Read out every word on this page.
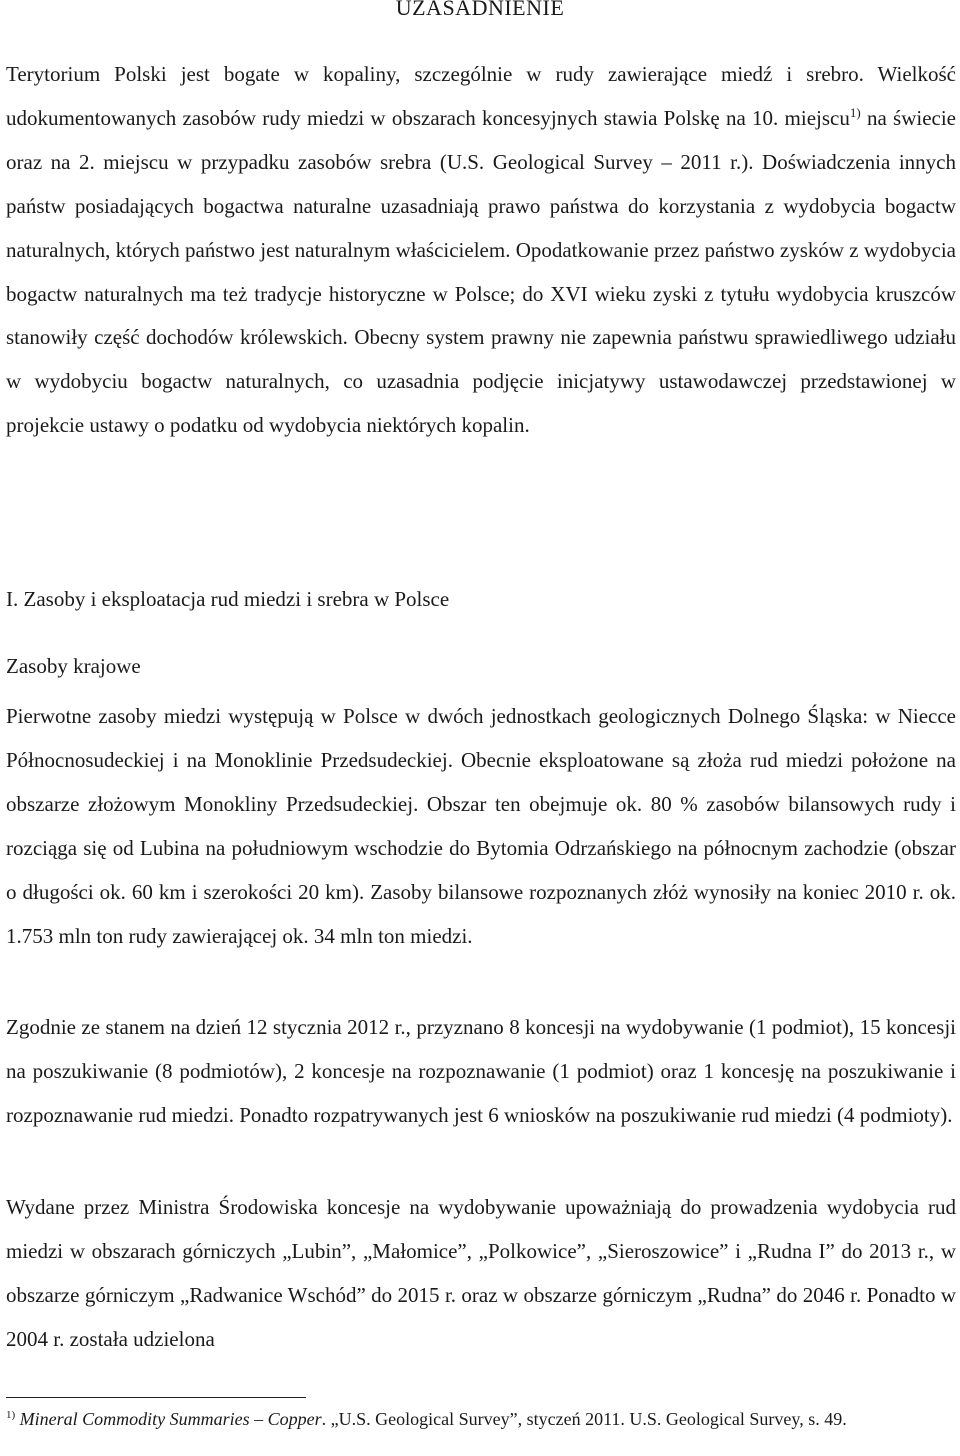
UZASADNIENIE

Terytorium Polski jest bogate w kopaliny, szczególnie w rudy zawierające miedź i srebro. Wielkość udokumentowanych zasobów rudy miedzi w obszarach koncesyjnych stawia Polskę na 10. miejscu$^{1)}$ na świecie oraz na 2. miejscu w przypadku zasobów srebra (U.S. Geological Survey – 2011 r.). Doświadczenia innych państw posiadających bogactwa naturalne uzasadniają prawo państwa do korzystania z wydobycia bogactw naturalnych, których państwo jest naturalnym właścicielem. Opodatkowanie przez państwo zysków z wydobycia bogactw naturalnych ma też tradycje historyczne w Polsce; do XVI wieku zyski z tytułu wydobycia kruszców stanowiły część dochodów królewskich. Obecny system prawny nie zapewnia państwu sprawiedliwego udziału w wydobyciu bogactw naturalnych, co uzasadnia podjęcie inicjatywy ustawodawczej przedstawionej w projekcie ustawy o podatku od wydobycia niektórych kopalin.

I. Zasoby i eksploatacja rud miedzi i srebra w Polsce

Zasoby krajowe

Pierwotne zasoby miedzi występują w Polsce w dwóch jednostkach geologicznych Dolnego Śląska: w Niecce Północnosudeckiej i na Monoklinie Przedsudeckiej. Obecnie eksploatowane są złoża rud miedzi położone na obszarze złożowym Monokliny Przedsudeckiej. Obszar ten obejmuje ok. 80 % zasobów bilansowych rudy i rozciąga się od Lubina na południowym wschodzie do Bytomia Odrzańskiego na północnym zachodzie (obszar o długości ok. 60 km i szerokości 20 km). Zasoby bilansowe rozpoznanych złóż wynosiły na koniec 2010 r. ok. 1.753 mln ton rudy zawierającej ok. 34 mln ton miedzi.

Zgodnie ze stanem na dzień 12 stycznia 2012 r., przyznano 8 koncesji na wydobywanie (1 podmiot), 15 koncesji na poszukiwanie (8 podmiotów), 2 koncesje na rozpoznawanie (1 podmiot) oraz 1 koncesję na poszukiwanie i rozpoznawanie rud miedzi. Ponadto rozpatrywanych jest 6 wniosków na poszukiwanie rud miedzi (4 podmioty).

Wydane przez Ministra Środowiska koncesje na wydobywanie upoważniają do prowadzenia wydobycia rud miedzi w obszarach górniczych „Lubin”, „Małomice”, „Polkowice”, „Sieroszowice” i „Rudna I” do 2013 r., w obszarze górniczym „Radwanice Wschód” do 2015 r. oraz w obszarze górniczym „Rudna” do 2046 r. Ponadto w 2004 r. została udzielona

$^{1)}$ Mineral Commodity Summaries – Copper. „U.S. Geological Survey”, styczeń 2011. U.S. Geological Survey, s. 49.
